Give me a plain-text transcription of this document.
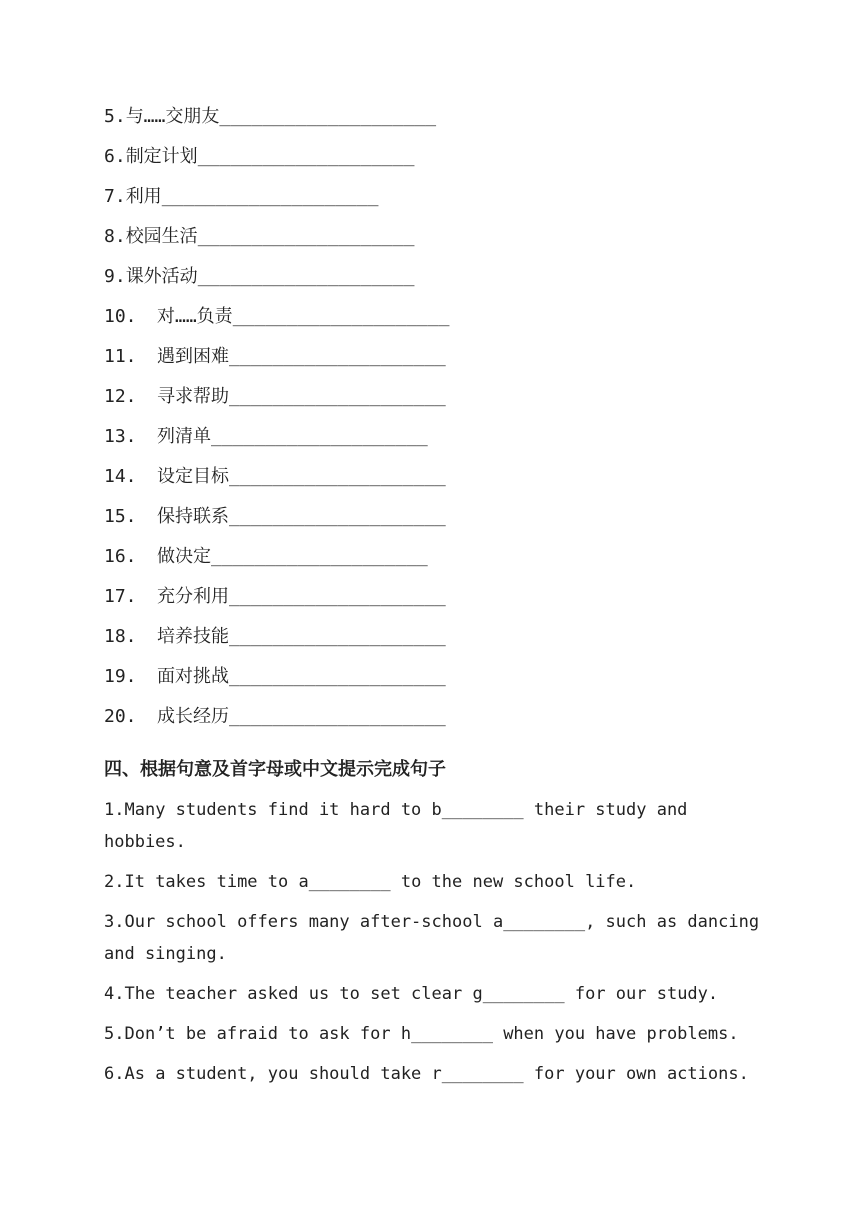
5.与……交朋友____________________
6.制定计划____________________
7.利用____________________
8.校园生活____________________
9.课外活动____________________
10. 对……负责____________________
11. 遇到困难____________________
12. 寻求帮助____________________
13. 列清单____________________
14. 设定目标____________________
15. 保持联系____________________
16. 做决定____________________
17. 充分利用____________________
18. 培养技能____________________
19. 面对挑战____________________
20. 成长经历____________________
四、根据句意及首字母或中文提示完成句子
1.Many students find it hard to b________ their study and hobbies.
2.It takes time to a________ to the new school life.
3.Our school offers many after-school a________, such as dancing and singing.
4.The teacher asked us to set clear g________ for our study.
5.Don’t be afraid to ask for h________ when you have problems.
6.As a student, you should take r________ for your own actions.
